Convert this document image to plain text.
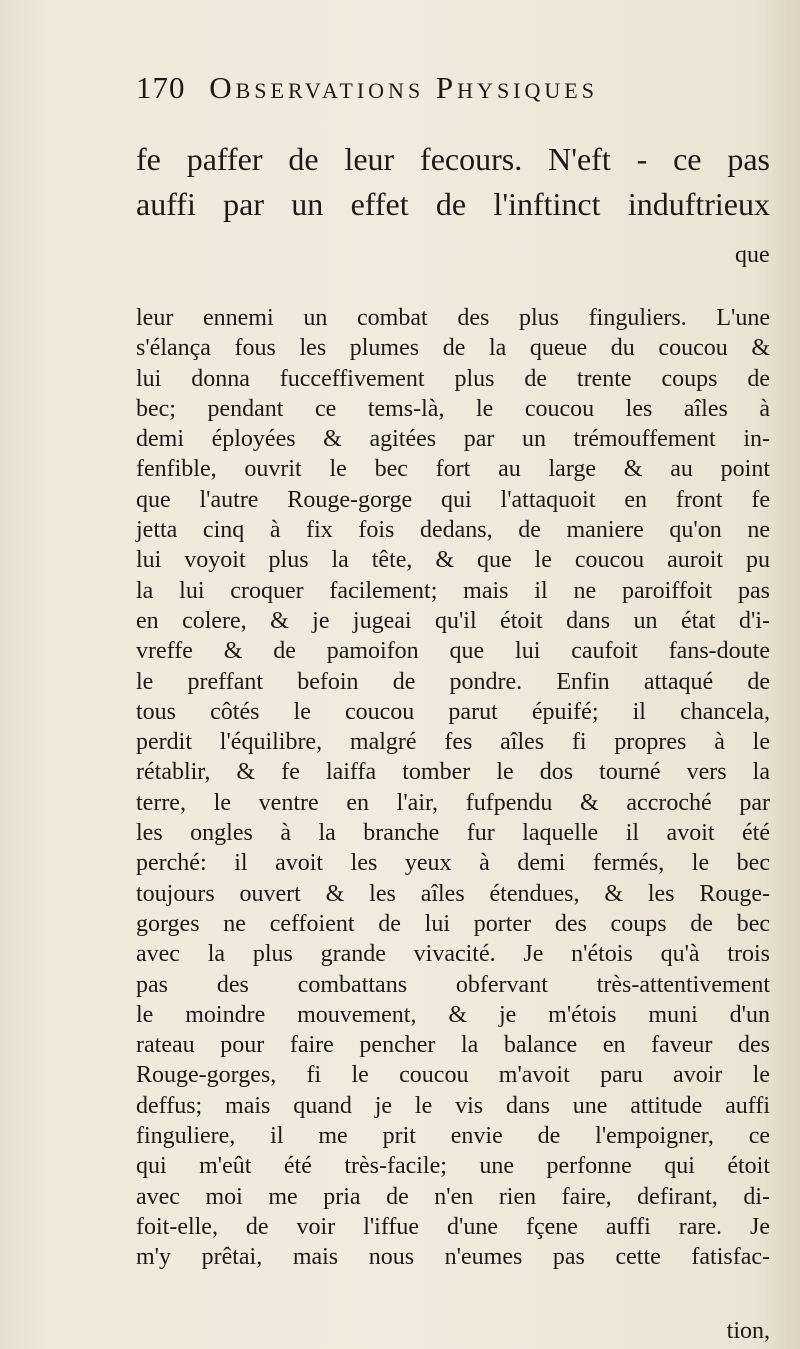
170 Observations Physiques
fe paffer de leur fecours. N'eft - ce pas
auffi par un effet de l'inftinct induftrieux
que
leur ennemi un combat des plus finguliers. L'une
s'élança fous les plumes de la queue du coucou &
lui donna fucceffivement plus de trente coups de
bec; pendant ce tems-là, le coucou les aîles à
demi éployées & agitées par un trémouffement in-
fenfible, ouvrit le bec fort au large & au point
que l'autre Rouge-gorge qui l'attaquoit en front fe
jetta cinq à fix fois dedans, de maniere qu'on ne
lui voyoit plus la tête, & que le coucou auroit pu
la lui croquer facilement; mais il ne paroiffoit pas
en colere, & je jugeai qu'il étoit dans un état d'i-
vreffe & de pamoifon que lui caufoit fans-doute
le preffant befoin de pondre. Enfin attaqué de
tous côtés le coucou parut épuifé; il chancela,
perdit l'équilibre, malgré fes aîles fi propres à le
rétablir, & fe laiffa tomber le dos tourné vers la
terre, le ventre en l'air, fufpendu & accroché par
les ongles à la branche fur laquelle il avoit été
perché: il avoit les yeux à demi fermés, le bec
toujours ouvert & les aîles étendues, & les Rouge-
gorges ne ceffoient de lui porter des coups de bec
avec la plus grande vivacité. Je n'étois qu'à trois
pas des combattans obfervant très-attentivement
le moindre mouvement, & je m'étois muni d'un
rateau pour faire pencher la balance en faveur des
Rouge-gorges, fi le coucou m'avoit paru avoir le
deffus; mais quand je le vis dans une attitude auffi
finguliere, il me prit envie de l'empoigner, ce
qui m'eût été très-facile; une perfonne qui étoit
avec moi me pria de n'en rien faire, defirant, di-
foit-elle, de voir l'iffue d'une fçene auffi rare. Je
m'y prêtai, mais nous n'eumes pas cette fatisfac-
tion,
